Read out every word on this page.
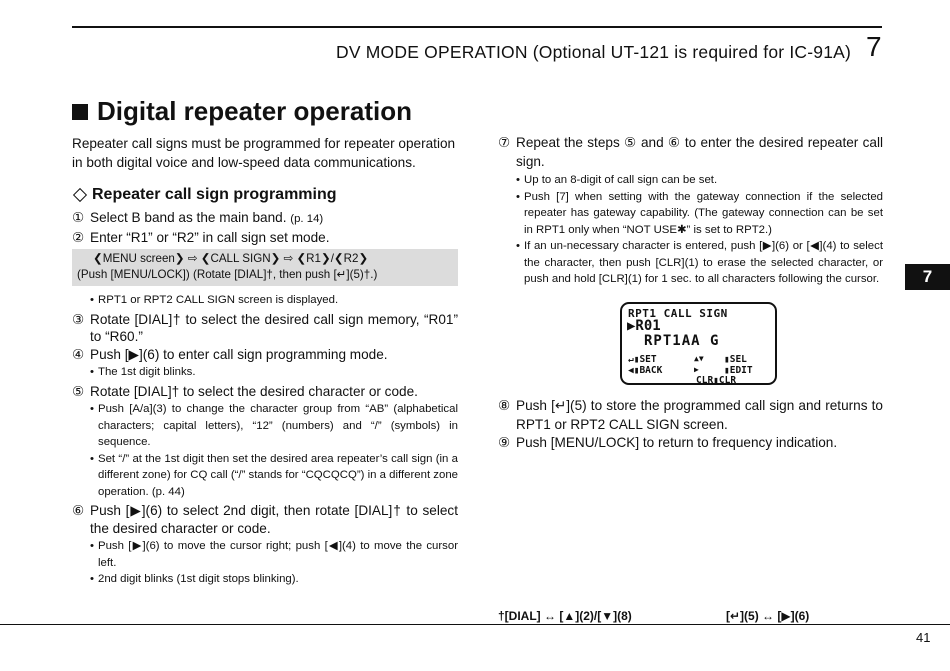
DV MODE OPERATION (Optional UT-121 is required for IC-91A) 7
7
Digital repeater operation
Repeater call signs must be programmed for repeater operation in both digital voice and low-speed data communications.
Repeater call sign programming
① Select B band as the main band. (p. 14)
② Enter “R1” or “R2” in call sign set mode.
❮MENU screen❯ ⇨ ❮CALL SIGN❯ ⇨ ❮R1❯/❮R2❯
(Push [MENU/LOCK]) (Rotate [DIAL]†, then push [↵](5)†.)
• RPT1 or RPT2 CALL SIGN screen is displayed.
③ Rotate [DIAL]† to select the desired call sign memory, “R01” to “R60.”
④ Push [▶](6) to enter call sign programming mode.
• The 1st digit blinks.
⑤ Rotate [DIAL]† to select the desired character or code.
• Push [A/a](3) to change the character group from “AB” (alphabetical characters; capital letters), “12” (numbers) and “/” (symbols) in sequence.
• Set “/” at the 1st digit then set the desired area repeater’s call sign (in a different zone) for CQ call (“/” stands for “CQCQCQ”) in a different zone operation. (p. 44)
⑥ Push [▶](6) to select 2nd digit, then rotate [DIAL]† to select the desired character or code.
• Push [▶](6) to move the cursor right; push [◀](4) to move the cursor left.
• 2nd digit blinks (1st digit stops blinking).
⑦ Repeat the steps ⑤ and ⑥ to enter the desired repeater call sign.
• Up to an 8-digit of call sign can be set.
• Push [7] when setting with the gateway connection if the selected repeater has gateway capability. (The gateway connection can be set in RPT1 only when “NOT USE✱” is set to RPT2.)
• If an un-necessary character is entered, push [▶](6) or [◀](4) to select the character, then push [CLR](1) to erase the selected character, or push and hold [CLR](1) for 1 sec. to all characters following the cursor.
RPT1 CALL SIGN
▶R01
RPT1AA G
↵▮SET
◀▮BACK
▲▼
▶
▮SEL
▮EDIT
CLR▮CLR
⑧ Push [↵](5) to store the programmed call sign and returns to RPT1 or RPT2 CALL SIGN screen.
⑨ Push [MENU/LOCK] to return to frequency indication.
†[DIAL] ↔ [▲](2)/[▼](8)	[↵](5) ↔ [▶](6)
41
